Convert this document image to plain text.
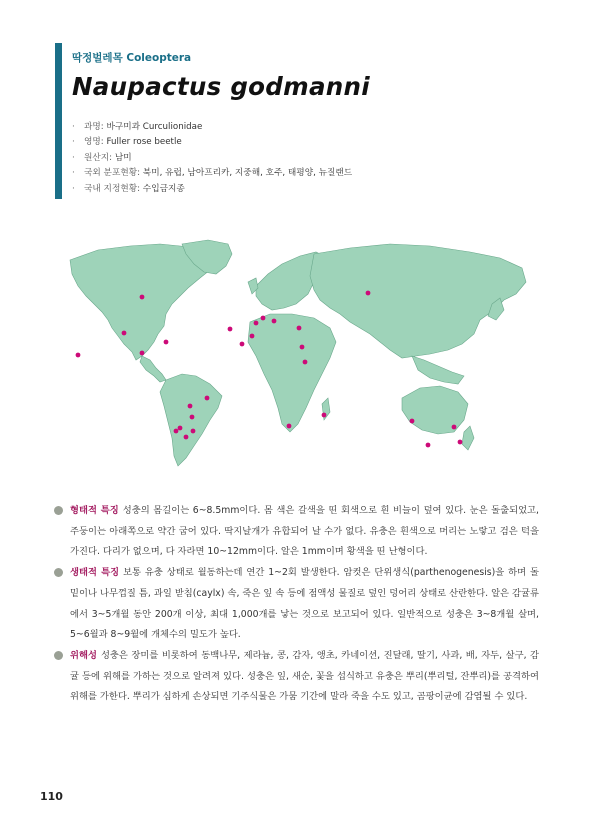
딱정벌레목 Coleoptera
Naupactus godmanni
· 과명: 바구미과 Curculionidae
· 영명: Fuller rose beetle
· 원산지: 남미
· 국외 분포현황: 북미, 유럽, 남아프리카, 지중해, 호주, 태평양, 뉴질랜드
· 국내 지정현황: 수입금지종

형태적 특징 성충의 몸길이는 6~8.5mm이다. 몸 색은 갈색을 띤 회색으로 흰 비늘이 덮여 있다. 눈은 돌출되었고, 주둥이는 아래쪽으로 약간 굽어 있다. 딱지날개가 유합되어 날 수가 없다. 유충은 흰색으로 머리는 노랗고 검은 턱을 가진다. 다리가 없으며, 다 자라면 10~12mm이다. 알은 1mm이며 황색을 띤 난형이다.

생태적 특징 보통 유충 상태로 월동하는데 연간 1~2회 발생한다. 암컷은 단위생식(parthenogenesis)을 하며 돌 밑이나 나무껍질 틈, 과일 받침(caylx) 속, 죽은 잎 속 등에 점액성 물질로 덮인 덩어리 상태로 산란한다. 알은 감귤류에서 3~5개월 동안 200개 이상, 최대 1,000개를 낳는 것으로 보고되어 있다. 일반적으로 성충은 3~8개월 살며, 5~6월과 8~9월에 개체수의 밀도가 높다.

위해성 성충은 장미를 비롯하여 동백나무, 제라늄, 콩, 감자, 앵초, 카네이션, 진달래, 딸기, 사과, 배, 자두, 살구, 감귤 등에 위해를 가하는 것으로 알려져 있다. 성충은 잎, 새순, 꽃을 섭식하고 유충은 뿌리(뿌리털, 잔뿌리)를 공격하여 위해를 가한다. 뿌리가 심하게 손상되면 기주식물은 가뭄 기간에 말라 죽을 수도 있고, 곰팡이균에 감염될 수 있다.

110
